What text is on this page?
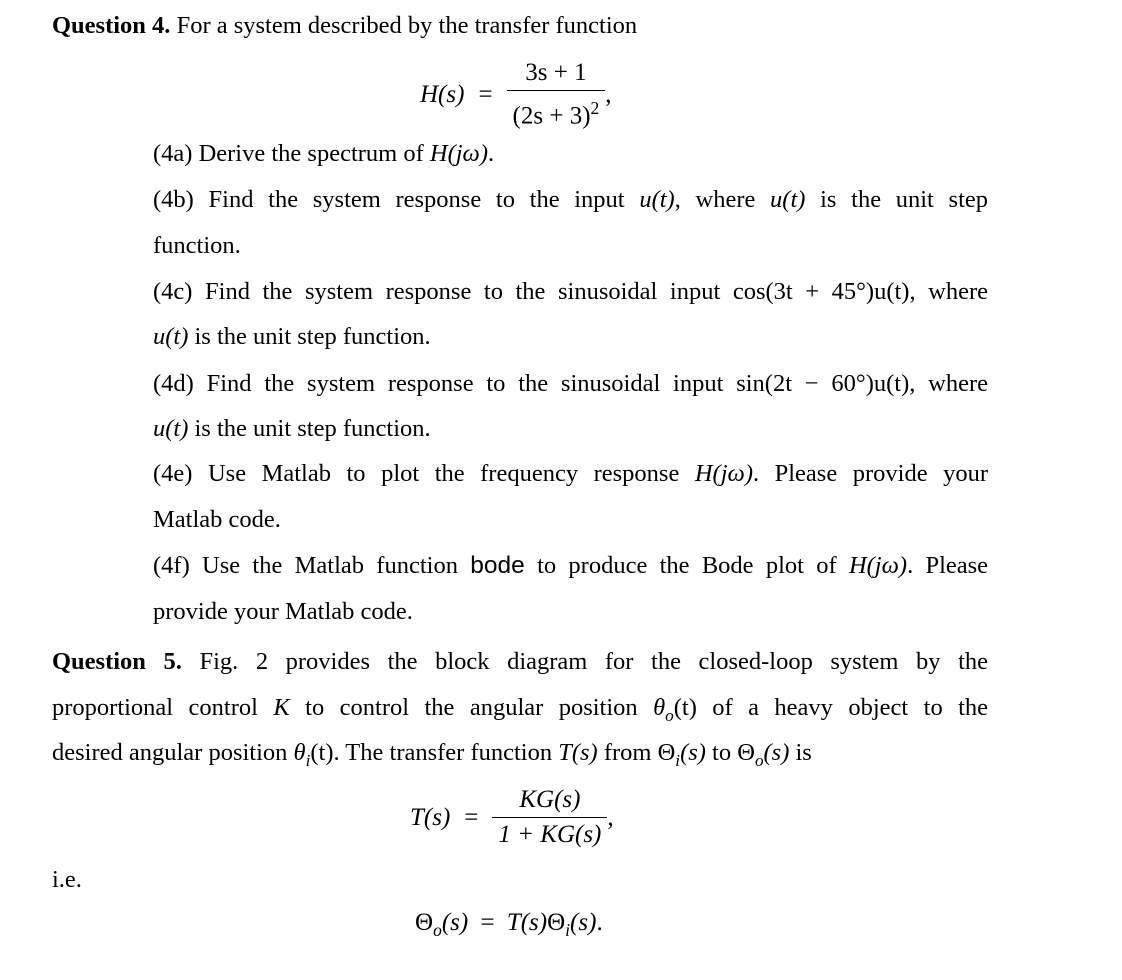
Question 4. For a system described by the transfer function
$H(s) = \frac{3s + 1}{(2s + 3)^2}$ ,
(4a) Derive the spectrum of H(jω).
(4b) Find the system response to the input u(t), where u(t) is the unit step
function.
(4c) Find the system response to the sinusoidal input cos(3t + 45°)u(t), where
u(t) is the unit step function.
(4d) Find the system response to the sinusoidal input sin(2t − 60°)u(t), where
u(t) is the unit step function.
(4e) Use Matlab to plot the frequency response H(jω). Please provide your
Matlab code.
(4f) Use the Matlab function bode to produce the Bode plot of H(jω). Please
provide your Matlab code.
Question 5. Fig. 2 provides the block diagram for the closed-loop system by the
proportional control K to control the angular position $\theta_o(t)$ of a heavy object to the
desired angular position $\theta_i(t)$. The transfer function T(s) from $\Theta_i(s)$ to $\Theta_o(s)$ is
$T(s) = \frac{KG(s)}{1 + KG(s)}$ ,
i.e.
$\Theta_o(s) = T(s)\Theta_i(s)$.
